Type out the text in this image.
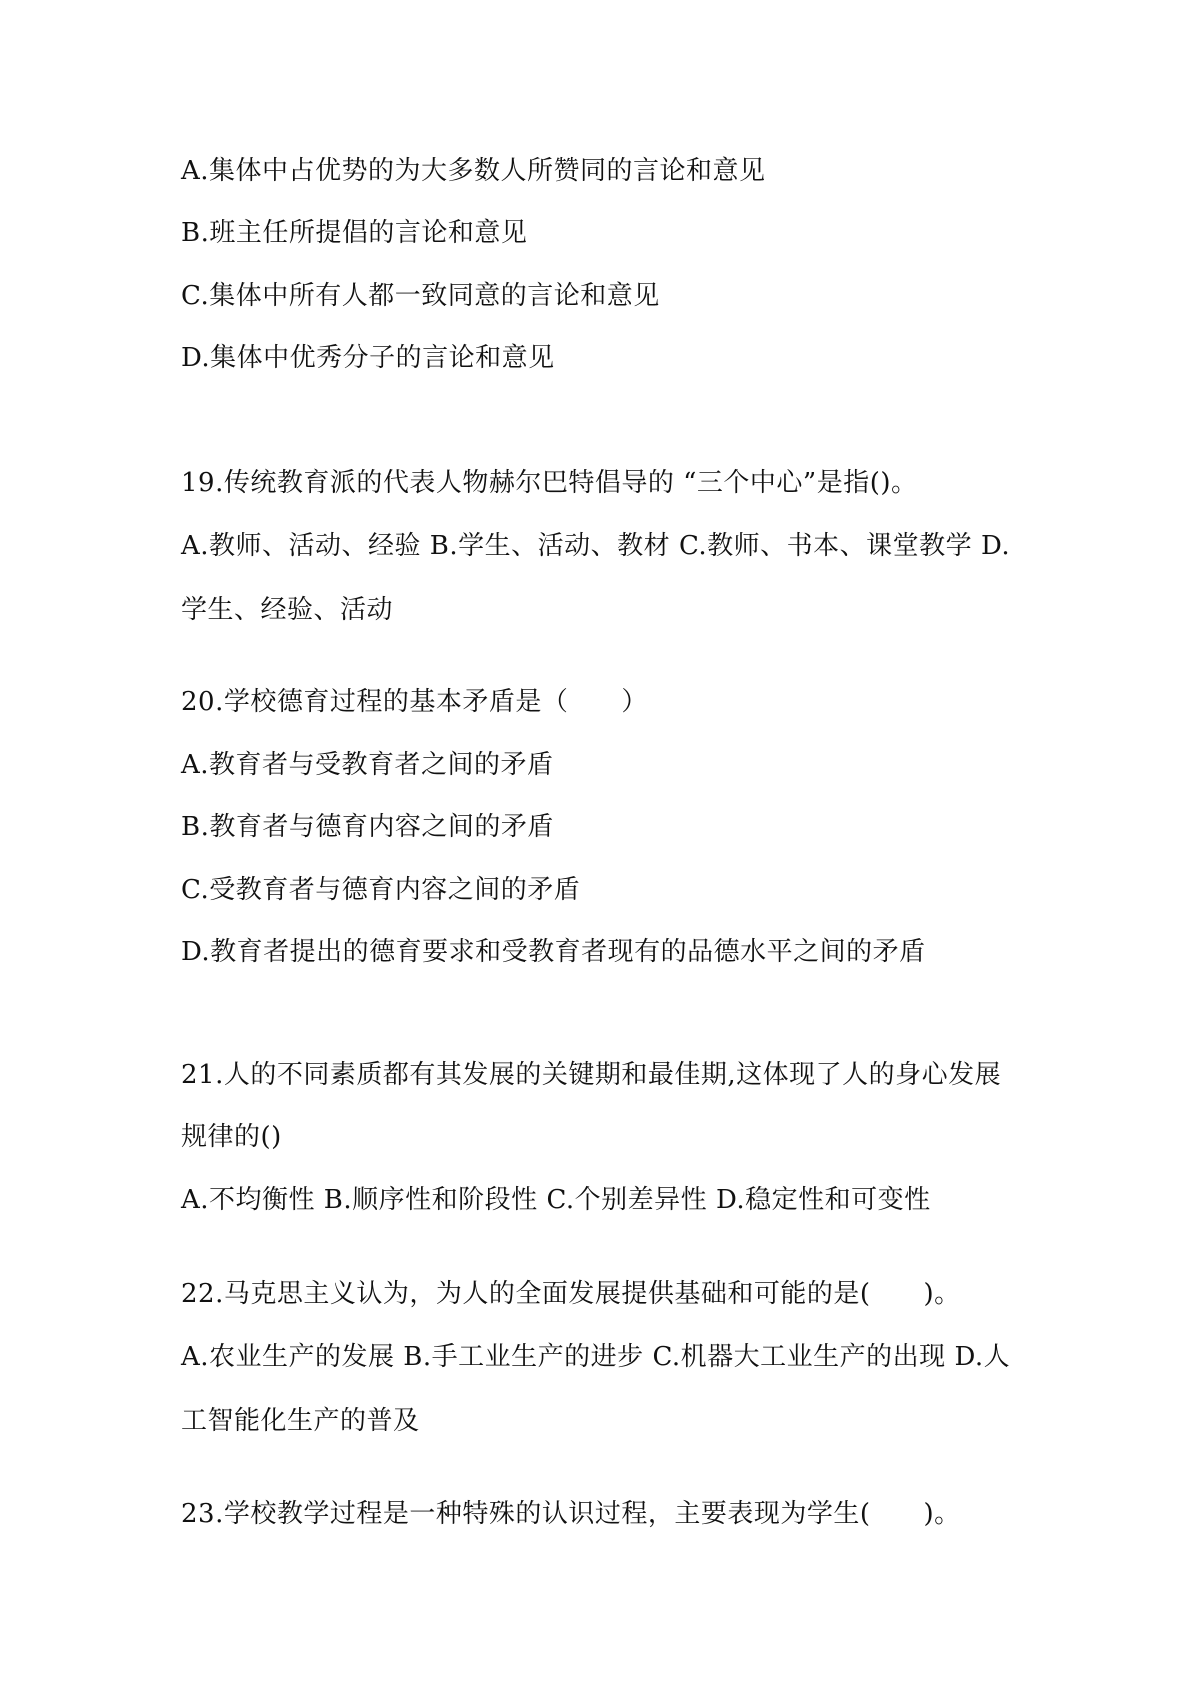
A.集体中占优势的为大多数人所赞同的言论和意见
B.班主任所提倡的言论和意见
C.集体中所有人都一致同意的言论和意见
D.集体中优秀分子的言论和意见
19.传统教育派的代表人物赫尔巴特倡导的 “三个中心”是指()。
A.教师、活动、经验 B.学生、活动、教材 C.教师、书本、课堂教学 D.
学生、经验、活动
20.学校德育过程的基本矛盾是（　　）
A.教育者与受教育者之间的矛盾
B.教育者与德育内容之间的矛盾
C.受教育者与德育内容之间的矛盾
D.教育者提出的德育要求和受教育者现有的品德水平之间的矛盾
21.人的不同素质都有其发展的关键期和最佳期,这体现了人的身心发展
规律的()
A.不均衡性 B.顺序性和阶段性 C.个别差异性 D.稳定性和可变性
22.马克思主义认为，为人的全面发展提供基础和可能的是(　　)。
A.农业生产的发展 B.手工业生产的进步 C.机器大工业生产的出现 D.人
工智能化生产的普及
23.学校教学过程是一种特殊的认识过程，主要表现为学生(　　)。
